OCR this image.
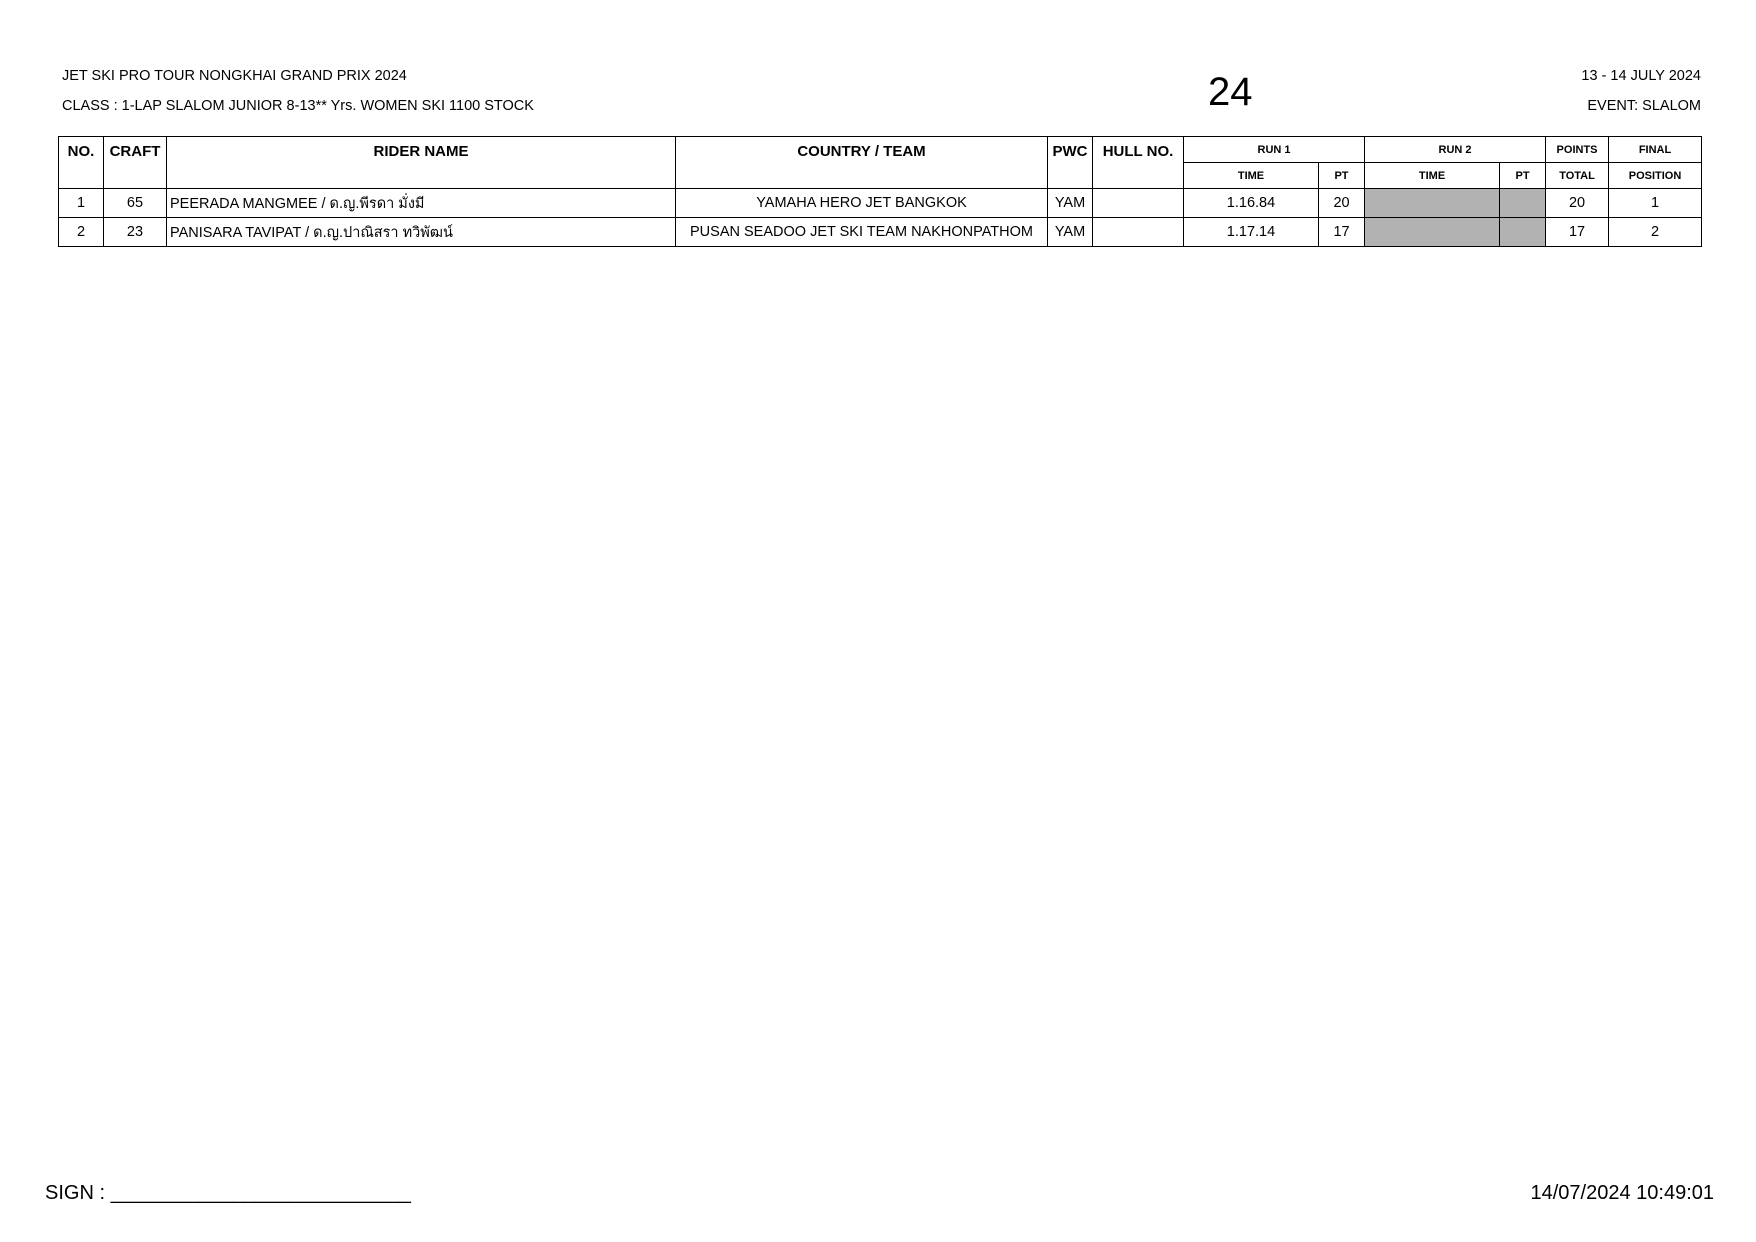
JET SKI PRO TOUR NONGKHAI GRAND PRIX 2024
CLASS : 1-LAP SLALOM JUNIOR 8-13** Yrs. WOMEN SKI 1100 STOCK	24	13 - 14 JULY 2024
EVENT: SLALOM
NO.	CRAFT	RIDER NAME	COUNTRY / TEAM	PWC	HULL NO.	RUN 1		RUN 2		POINTS	FINAL
						TIME	PT	TIME	PT	TOTAL	POSITION
1	65	PEERADA MANGMEE / ด.ญ.พีรดา มั่งมี	YAMAHA HERO JET BANGKOK	YAM		1.16.84	20			20	1
2	23	PANISARA TAVIPAT / ด.ญ.ปาณิสรา ทวิพัฒน์	PUSAN SEADOO JET SKI TEAM NAKHONPATHOM	YAM		1.17.14	17			17	2
SIGN : ___________________________	14/07/2024 10:49:01
